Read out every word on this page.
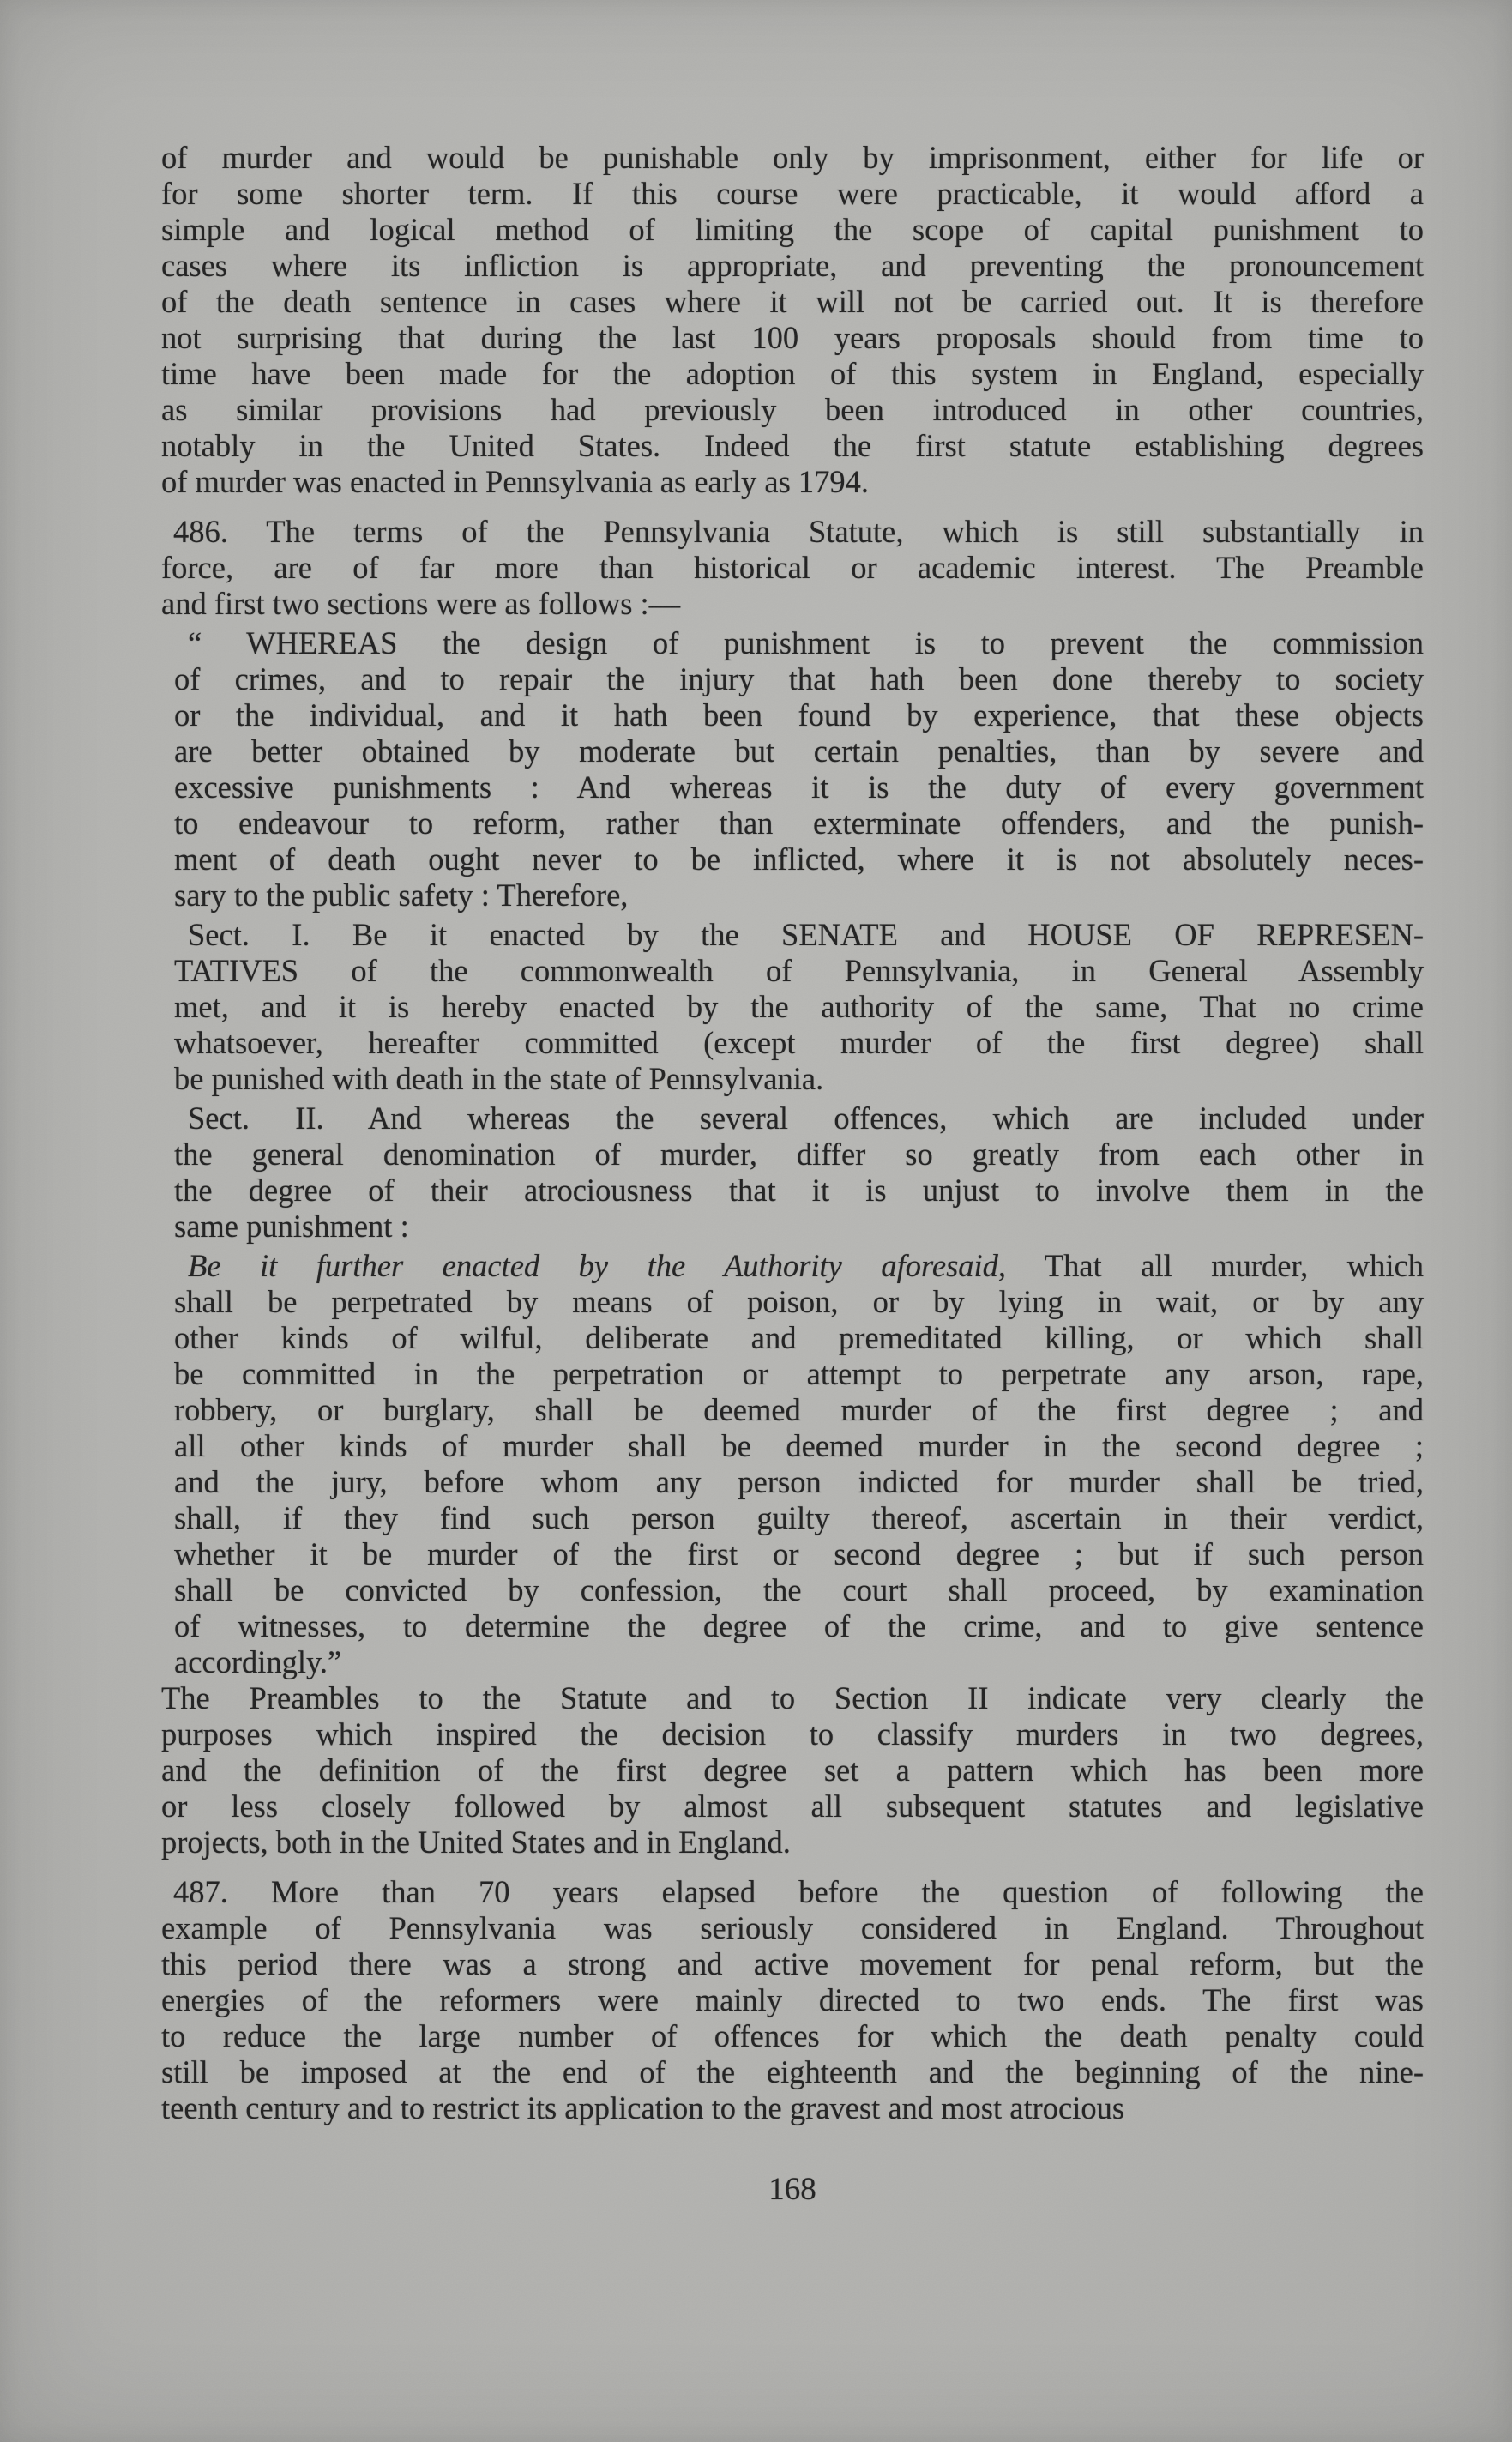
of murder and would be punishable only by imprisonment, either for life or
for some shorter term. If this course were practicable, it would afford a
simple and logical method of limiting the scope of capital punishment to
cases where its infliction is appropriate, and preventing the pronouncement
of the death sentence in cases where it will not be carried out. It is therefore
not surprising that during the last 100 years proposals should from time to
time have been made for the adoption of this system in England, especially
as similar provisions had previously been introduced in other countries,
notably in the United States. Indeed the first statute establishing degrees
of murder was enacted in Pennsylvania as early as 1794.
486. The terms of the Pennsylvania Statute, which is still substantially in
force, are of far more than historical or academic interest. The Preamble
and first two sections were as follows :—
“ WHEREAS the design of punishment is to prevent the commission
of crimes, and to repair the injury that hath been done thereby to society
or the individual, and it hath been found by experience, that these objects
are better obtained by moderate but certain penalties, than by severe and
excessive punishments : And whereas it is the duty of every government
to endeavour to reform, rather than exterminate offenders, and the punish-
ment of death ought never to be inflicted, where it is not absolutely neces-
sary to the public safety : Therefore,
Sect. I. Be it enacted by the SENATE and HOUSE OF REPRESEN-
TATIVES of the commonwealth of Pennsylvania, in General Assembly
met, and it is hereby enacted by the authority of the same, That no crime
whatsoever, hereafter committed (except murder of the first degree) shall
be punished with death in the state of Pennsylvania.
Sect. II. And whereas the several offences, which are included under
the general denomination of murder, differ so greatly from each other in
the degree of their atrociousness that it is unjust to involve them in the
same punishment :
Be it further enacted by the Authority aforesaid, That all murder, which
shall be perpetrated by means of poison, or by lying in wait, or by any
other kinds of wilful, deliberate and premeditated killing, or which shall
be committed in the perpetration or attempt to perpetrate any arson, rape,
robbery, or burglary, shall be deemed murder of the first degree ; and
all other kinds of murder shall be deemed murder in the second degree ;
and the jury, before whom any person indicted for murder shall be tried,
shall, if they find such person guilty thereof, ascertain in their verdict,
whether it be murder of the first or second degree ; but if such person
shall be convicted by confession, the court shall proceed, by examination
of witnesses, to determine the degree of the crime, and to give sentence
accordingly.”
The Preambles to the Statute and to Section II indicate very clearly the
purposes which inspired the decision to classify murders in two degrees,
and the definition of the first degree set a pattern which has been more
or less closely followed by almost all subsequent statutes and legislative
projects, both in the United States and in England.
487. More than 70 years elapsed before the question of following the
example of Pennsylvania was seriously considered in England. Throughout
this period there was a strong and active movement for penal reform, but the
energies of the reformers were mainly directed to two ends. The first was
to reduce the large number of offences for which the death penalty could
still be imposed at the end of the eighteenth and the beginning of the nine-
teenth century and to restrict its application to the gravest and most atrocious
168
